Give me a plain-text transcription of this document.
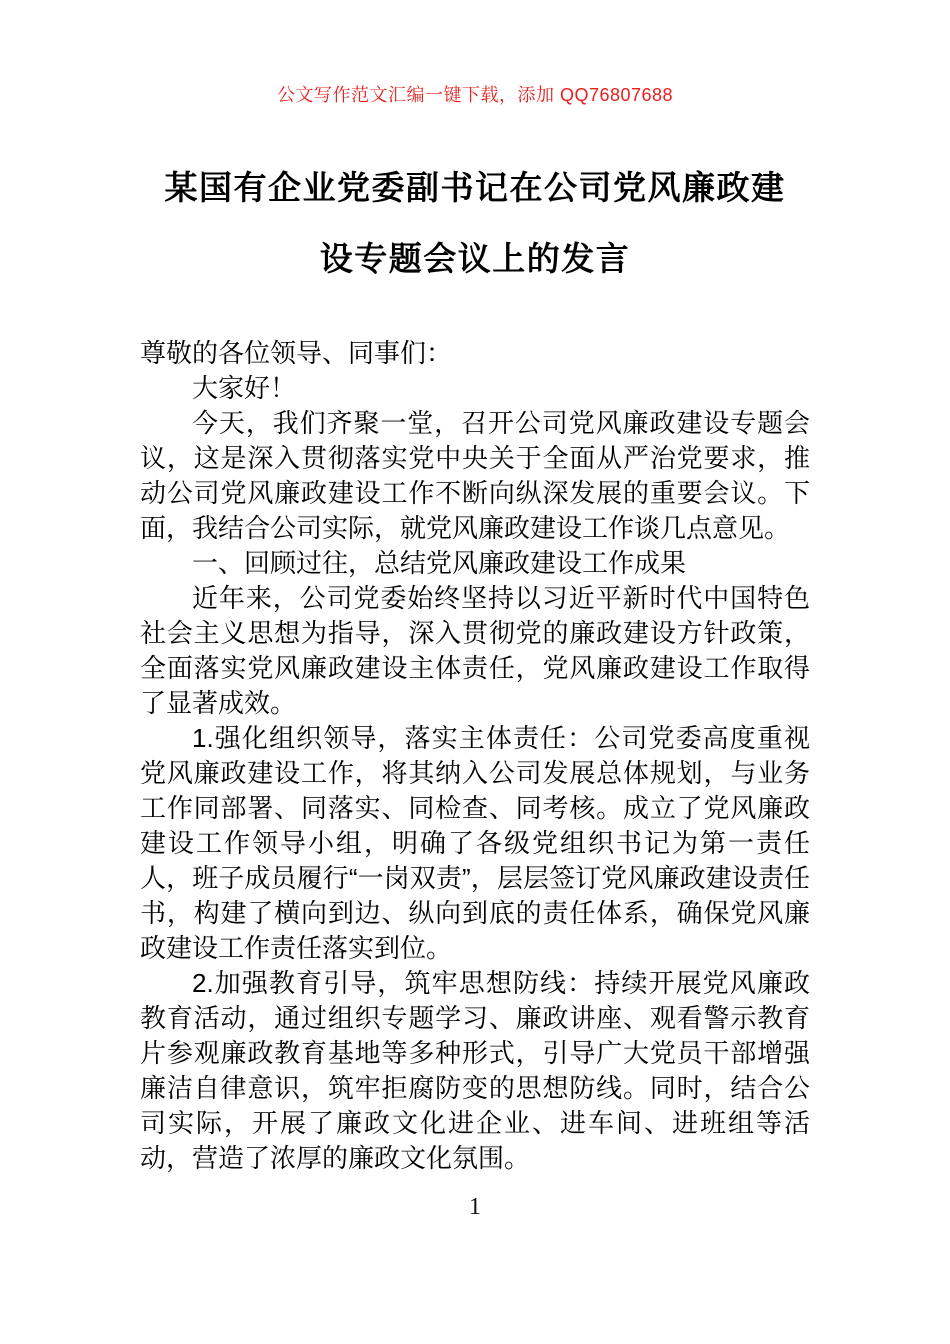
公文写作范文汇编一键下载，添加 QQ76807688
某国有企业党委副书记在公司党风廉政建
设专题会议上的发言

尊敬的各位领导、同事们：

大家好！

今天，我们齐聚一堂，召开公司党风廉政建设专题会议，这是深入贯彻落实党中央关于全面从严治党要求，推动公司党风廉政建设工作不断向纵深发展的重要会议。下面，我结合公司实际，就党风廉政建设工作谈几点意见。

一、回顾过往，总结党风廉政建设工作成果

近年来，公司党委始终坚持以习近平新时代中国特色社会主义思想为指导，深入贯彻党的廉政建设方针政策，全面落实党风廉政建设主体责任，党风廉政建设工作取得了显著成效。

1.强化组织领导，落实主体责任：公司党委高度重视党风廉政建设工作，将其纳入公司发展总体规划，与业务工作同部署、同落实、同检查、同考核。成立了党风廉政建设工作领导小组，明确了各级党组织书记为第一责任人，班子成员履行“一岗双责”，层层签订党风廉政建设责任书，构建了横向到边、纵向到底的责任体系，确保党风廉政建设工作责任落实到位。

2.加强教育引导，筑牢思想防线：持续开展党风廉政教育活动，通过组织专题学习、廉政讲座、观看警示教育片参观廉政教育基地等多种形式，引导广大党员干部增强廉洁自律意识，筑牢拒腐防变的思想防线。同时，结合公司实际，开展了廉政文化进企业、进车间、进班组等活动，营造了浓厚的廉政文化氛围。

1
